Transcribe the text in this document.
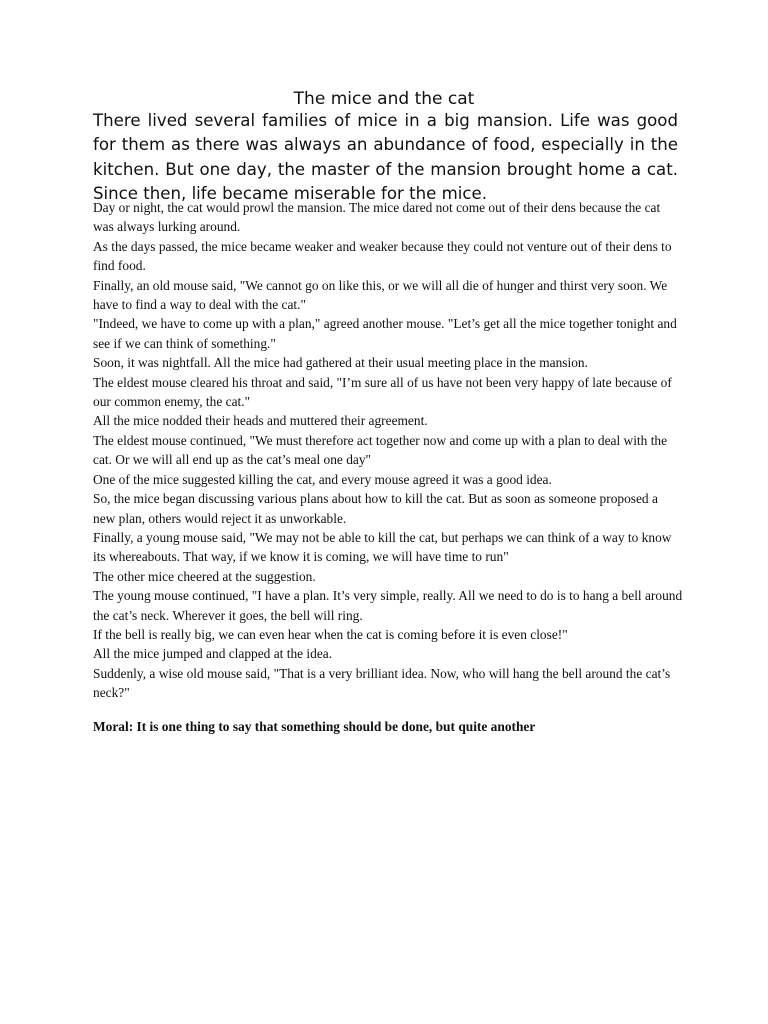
The mice and the cat

There lived several families of mice in a big mansion. Life was good for them as there was always an abundance of food, especially in the kitchen. But one day, the master of the mansion brought home a cat. Since then, life became miserable for the mice.

Day or night, the cat would prowl the mansion. The mice dared not come out of their dens because the cat was always lurking around.

As the days passed, the mice became weaker and weaker because they could not venture out of their dens to find food.

Finally, an old mouse said, "We cannot go on like this, or we will all die of hunger and thirst very soon. We have to find a way to deal with the cat."

"Indeed, we have to come up with a plan," agreed another mouse. "Let’s get all the mice together tonight and see if we can think of something."

Soon, it was nightfall. All the mice had gathered at their usual meeting place in the mansion.

The eldest mouse cleared his throat and said, "I’m sure all of us have not been very happy of late because of our common enemy, the cat."

All the mice nodded their heads and muttered their agreement.

The eldest mouse continued, "We must therefore act together now and come up with a plan to deal with the cat. Or we will all end up as the cat’s meal one day"

One of the mice suggested killing the cat, and every mouse agreed it was a good idea.

So, the mice began discussing various plans about how to kill the cat. But as soon as someone proposed a new plan, others would reject it as unworkable.

Finally, a young mouse said, "We may not be able to kill the cat, but perhaps we can think of a way to know its whereabouts. That way, if we know it is coming, we will have time to run"

The other mice cheered at the suggestion.

The young mouse continued, "I have a plan. It’s very simple, really. All we need to do is to hang a bell around the cat’s neck. Wherever it goes, the bell will ring.

If the bell is really big, we can even hear when the cat is coming before it is even close!"

All the mice jumped and clapped at the idea.

Suddenly, a wise old mouse said, "That is a very brilliant idea. Now, who will hang the bell around the cat’s neck?"

Moral: It is one thing to say that something should be done, but quite another
